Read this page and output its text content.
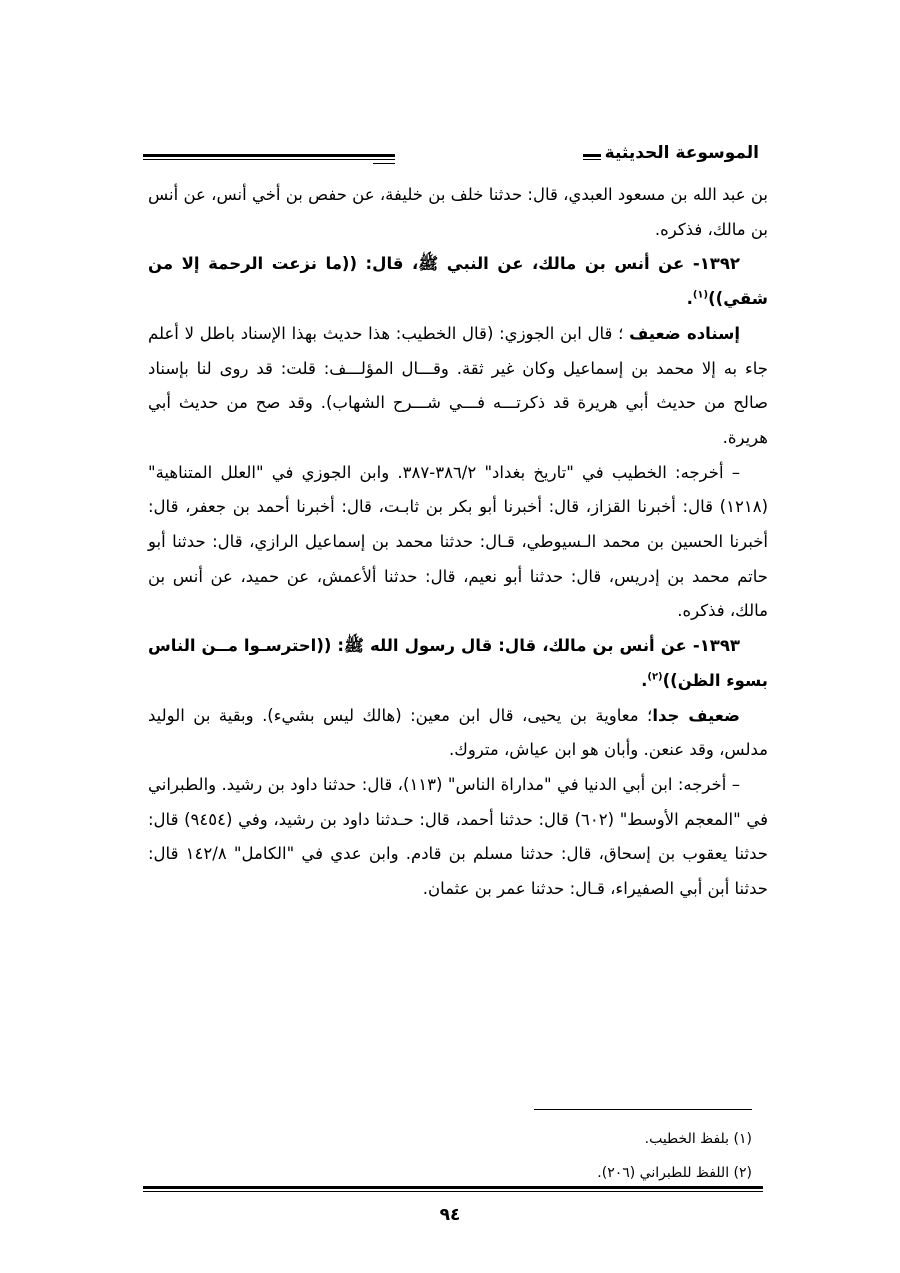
الموسوعة الحديثية

بن عبد الله بن مسعود العبدي، قال: حدثنا خلف بن خليفة، عن حفص بن أخي أنس، عن أنس بن مالك، فذكره.

١٣٩٢- عن أنس بن مالك، عن النبي ﷺ، قال: ((ما نزعت الرحمة إلا من شقي))$^{(١)}$.

إسناده ضعيف ؛ قال ابن الجوزي: (قال الخطيب: هذا حديث بهذا الإسناد باطل لا أعلم جاء به إلا محمد بن إسماعيل وكان غير ثقة. وقـــال المؤلـــف: قلت: قد روى لنا بإسناد صالح من حديث أبي هريرة قد ذكرتـــه فـــي شـــرح الشهاب). وقد صح من حديث أبي هريرة.

– أخرجه: الخطيب في "تاريخ بغداد" ٣٨٦/٢-٣٨٧. وابن الجوزي في "العلل المتناهية" (١٢١٨) قال: أخبرنا القزاز، قال: أخبرنا أبو بكر بن ثابـت، قال: أخبرنا أحمد بن جعفر، قال: أخبرنا الحسين بن محمد الـسيوطي، قـال: حدثنا محمد بن إسماعيل الرازي، قال: حدثنا أبو حاتم محمد بن إدريس، قال: حدثنا أبو نعيم، قال: حدثنا ألأعمش، عن حميد، عن أنس بن مالك، فذكره.

١٣٩٣- عن أنس بن مالك، قال: قال رسول الله ﷺ: ((احترسـوا مــن الناس بسوء الظن))$^{(٢)}$.

ضعيف جدا؛ معاوية بن يحيى، قال ابن معين: (هالك ليس بشيء). وبقية بن الوليد مدلس، وقد عنعن. وأبان هو ابن عياش، متروك.

– أخرجه: ابن أبي الدنيا في "مداراة الناس" (١١٣)، قال: حدثنا داود بن رشيد. والطبراني في "المعجم الأوسط" (٦٠٢) قال: حدثنا أحمد، قال: حـدثنا داود بن رشيد، وفي (٩٤٥٤) قال: حدثنا يعقوب بن إسحاق، قال: حدثنا مسلم بن قادم. وابن عدي في "الكامل" ١٤٢/٨ قال: حدثنا أبن أبي الصفيراء، قـال: حدثنا عمر بن عثمان.

(١) بلفظ الخطيب.

(٢) اللفظ للطبراني (٢٠٦).

٩٤
